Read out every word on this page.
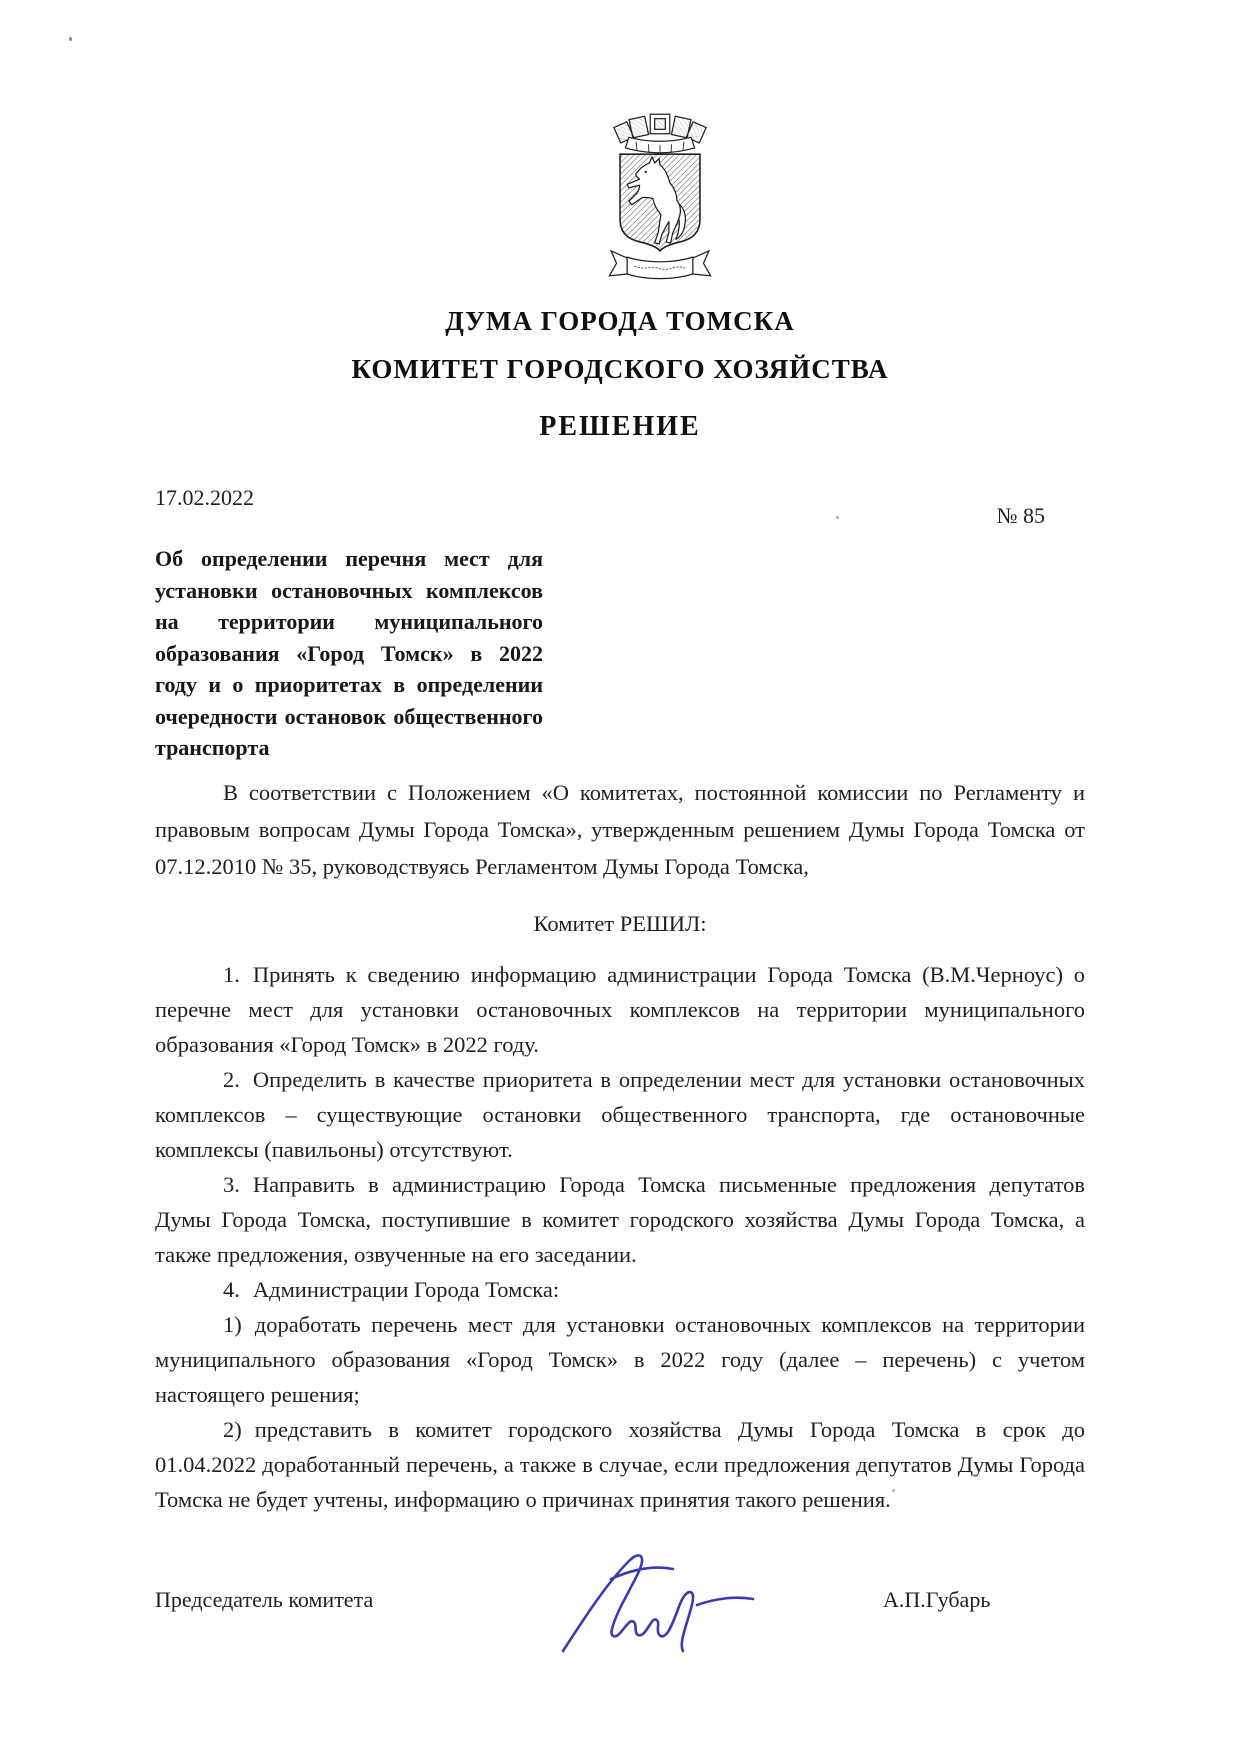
ДУМА ГОРОДА ТОМСКА
КОМИТЕТ ГОРОДСКОГО ХОЗЯЙСТВА
РЕШЕНИЕ
17.02.2022
№ 85
Об определении перечня мест для установки остановочных комплексов на территории муниципального образования «Город Томск» в 2022 году и о приоритетах в определении очередности остановок общественного транспорта

В соответствии с Положением «О комитетах, постоянной комиссии по Регламенту и правовым вопросам Думы Города Томска», утвержденным решением Думы Города Томска от 07.12.2010 № 35, руководствуясь Регламентом Думы Города Томска,

Комитет РЕШИЛ:

1. Принять к сведению информацию администрации Города Томска (В.М.Черноус) о перечне мест для установки остановочных комплексов на территории муниципального образования «Город Томск» в 2022 году.

2. Определить в качестве приоритета в определении мест для установки остановочных комплексов – существующие остановки общественного транспорта, где остановочные комплексы (павильоны) отсутствуют.

3. Направить в администрацию Города Томска письменные предложения депутатов Думы Города Томска, поступившие в комитет городского хозяйства Думы Города Томска, а также предложения, озвученные на его заседании.

4. Администрации Города Томска:

1) доработать перечень мест для установки остановочных комплексов на территории муниципального образования «Город Томск» в 2022 году (далее – перечень) с учетом настоящего решения;

2) представить в комитет городского хозяйства Думы Города Томска в срок до 01.04.2022 доработанный перечень, а также в случае, если предложения депутатов Думы Города Томска не будет учтены, информацию о причинах принятия такого решения.

Председатель комитета	А.П.Губарь
